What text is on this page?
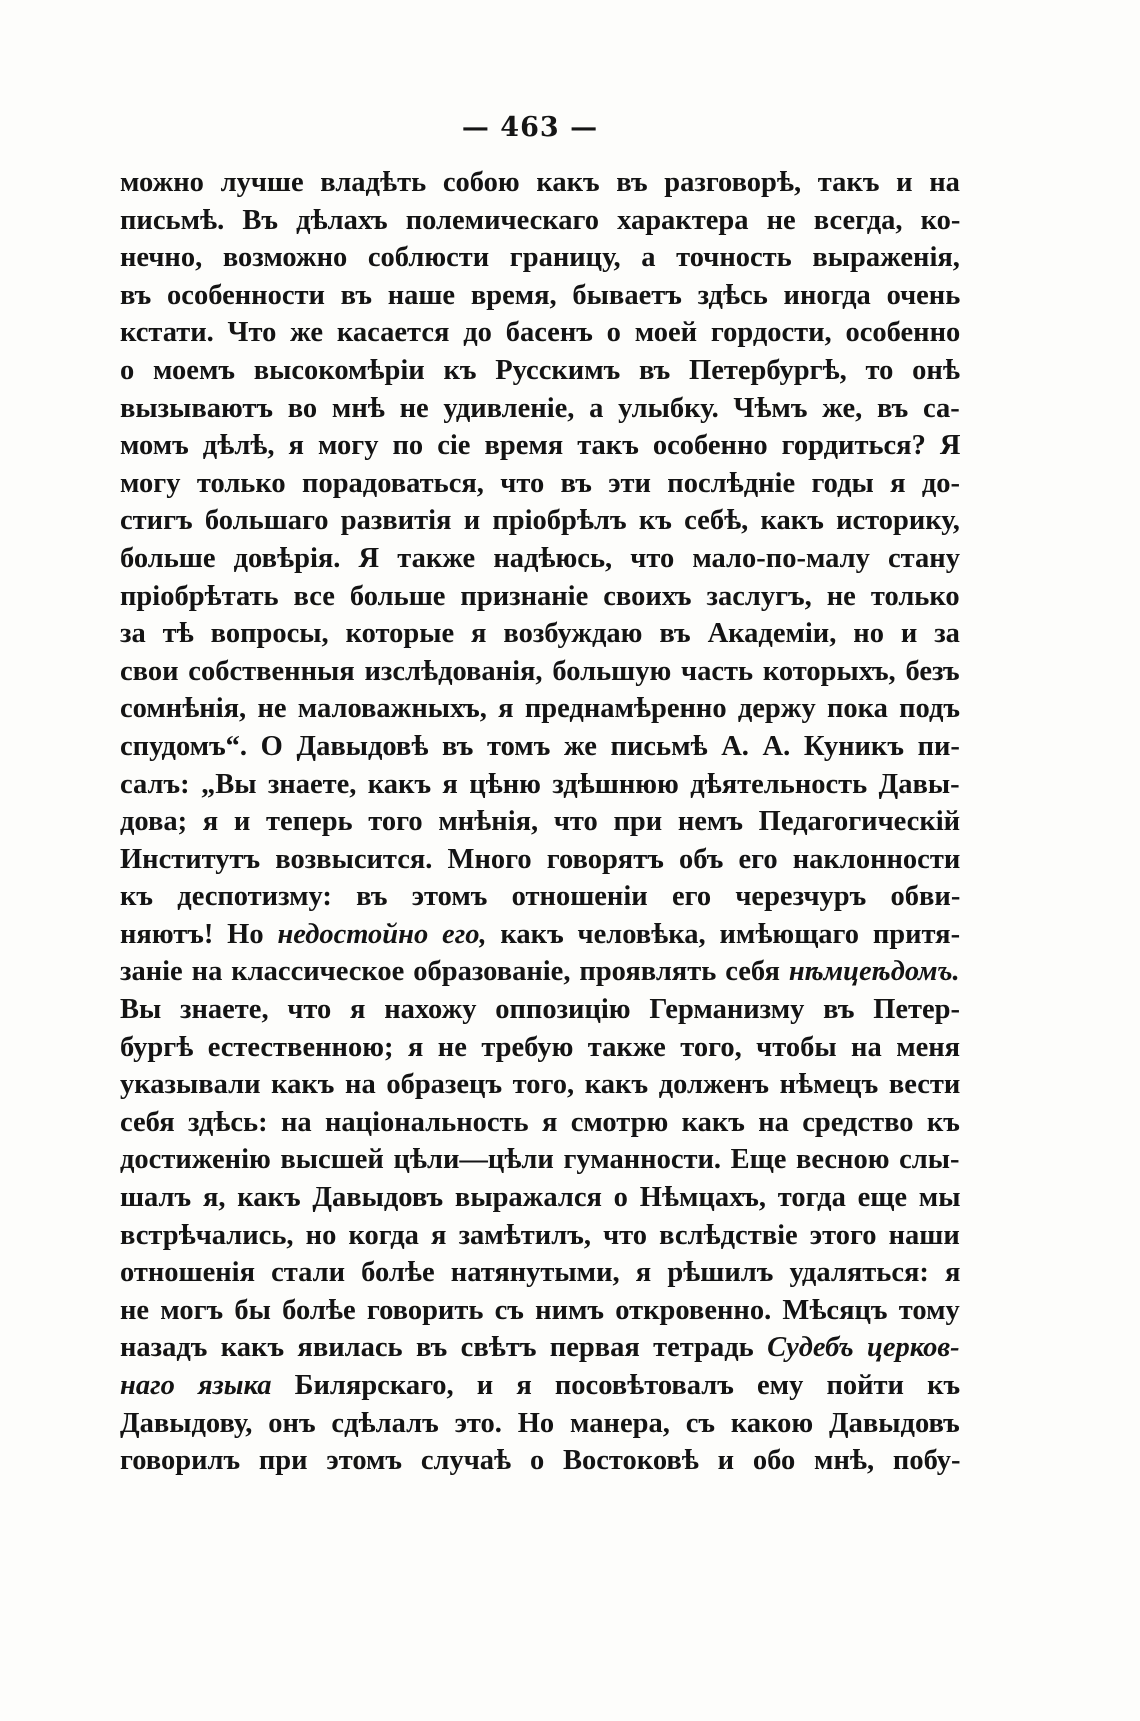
— 463 —
можно лучше владѣть собою какъ въ разговорѣ, такъ и на
письмѣ. Въ дѣлахъ полемическаго характера не всегда, ко-
нечно, возможно соблюсти границу, а точность выраженія,
въ особенности въ наше время, бываетъ здѣсь иногда очень
кстати. Что же касается до басенъ о моей гордости, особенно
о моемъ высокомѣріи къ Русскимъ въ Петербургѣ, то онѣ
вызываютъ во мнѣ не удивленіе, а улыбку. Чѣмъ же, въ са-
момъ дѣлѣ, я могу по сіе время такъ особенно гордиться? Я
могу только порадоваться, что въ эти послѣдніе годы я до-
стигъ большаго развитія и пріобрѣлъ къ себѣ, какъ историку,
больше довѣрія. Я также надѣюсь, что мало-по-малу стану
пріобрѣтать все больше признаніе своихъ заслугъ, не только
за тѣ вопросы, которые я возбуждаю въ Академіи, но и за
свои собственныя изслѣдованія, большую часть которыхъ, безъ
сомнѣнія, не маловажныхъ, я преднамѣренно держу пока подъ
спудомъ“. О Давыдовѣ въ томъ же письмѣ А. А. Куникъ пи-
салъ: „Вы знаете, какъ я цѣню здѣшнюю дѣятельность Давы-
дова; я и теперь того мнѣнія, что при немъ Педагогическій
Институтъ возвысится. Много говорятъ объ его наклонности
къ деспотизму: въ этомъ отношеніи его черезчуръ обви-
няютъ! Но недостойно его, какъ человѣка, имѣющаго притя-
заніе на классическое образованіе, проявлять себя нѣмцеѣдомъ.
Вы знаете, что я нахожу оппозицію Германизму въ Петер-
бургѣ естественною; я не требую также того, чтобы на меня
указывали какъ на образецъ того, какъ долженъ нѣмецъ вести
себя здѣсь: на національность я смотрю какъ на средство къ
достиженію высшей цѣли—цѣли гуманности. Еще весною слы-
шалъ я, какъ Давыдовъ выражался о Нѣмцахъ, тогда еще мы
встрѣчались, но когда я замѣтилъ, что вслѣдствіе этого наши
отношенія стали болѣе натянутыми, я рѣшилъ удаляться: я
не могъ бы болѣе говорить съ нимъ откровенно. Мѣсяцъ тому
назадъ какъ явилась въ свѣтъ первая тетрадь Судебъ церков-
наго языка Билярскаго, и я посовѣтовалъ ему пойти къ
Давыдову, онъ сдѣлалъ это. Но манера, съ какою Давыдовъ
говорилъ при этомъ случаѣ о Востоковѣ и обо мнѣ, побу-
